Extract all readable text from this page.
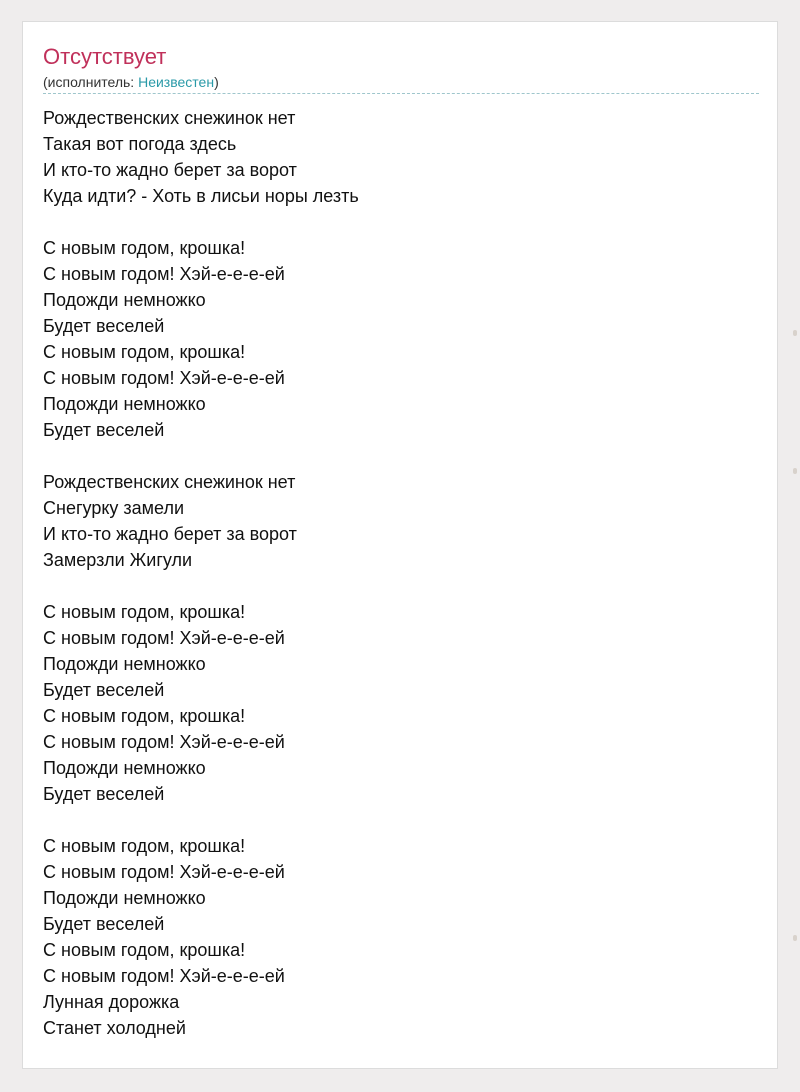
Отсутствует
(исполнитель: Неизвестен)
Рождественских снежинок нет
Такая вот погода здесь
И кто-то жадно берет за ворот
Куда идти? - Хоть в лисьи норы лезть
С новым годом, крошка!
С новым годом! Хэй-е-е-е-ей
Подожди немножко
Будет веселей
С новым годом, крошка!
С новым годом! Хэй-е-е-е-ей
Подожди немножко
Будет веселей
Рождественских снежинок нет
Снегурку замели
И кто-то жадно берет за ворот
Замерзли Жигули
С новым годом, крошка!
С новым годом! Хэй-е-е-е-ей
Подожди немножко
Будет веселей
С новым годом, крошка!
С новым годом! Хэй-е-е-е-ей
Подожди немножко
Будет веселей
С новым годом, крошка!
С новым годом! Хэй-е-е-е-ей
Подожди немножко
Будет веселей
С новым годом, крошка!
С новым годом! Хэй-е-е-е-ей
Лунная дорожка
Станет холодней
